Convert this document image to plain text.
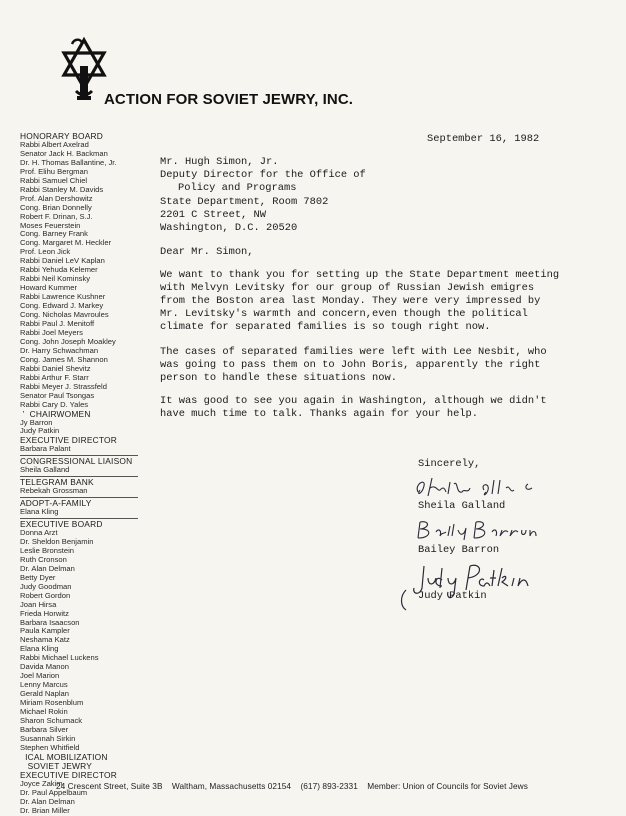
ACTION FOR SOVIET JEWRY, INC.
HONORARY BOARD
Rabbi Albert Axelrad
Senator Jack H. Backman
Dr. H. Thomas Ballantine, Jr.
Prof. Elihu Bergman
Rabbi Samuel Chiel
Rabbi Stanley M. Davids
Prof. Alan Dershowitz
Cong. Brian Donnelly
Robert F. Drinan, S.J.
Moses Feuerstein
Cong. Barney Frank
Cong. Margaret M. Heckler
Prof. Leon Jick
Rabbi Daniel LeV Kaplan
Rabbi Yehuda Kelemer
Rabbi Neil Kominsky
Howard Kummer
Rabbi Lawrence Kushner
Cong. Edward J. Markey
Cong. Nicholas Mavroules
Rabbi Paul J. Menitoff
Rabbi Joel Meyers
Cong. John Joseph Moakley
Dr. Harry Schwachman
Cong. James M. Shannon
Rabbi Daniel Shevitz
Rabbi Arthur F. Starr
Rabbi Meyer J. Strassfeld
Senator Paul Tsongas
Rabbi Cary D. Yales
’  CHAIRWOMEN
Jy Barron
Judy Patkin
EXECUTIVE DIRECTOR
Barbara Palant
CONGRESSIONAL LIAISON
Sheila Galland
TELEGRAM BANK
Rebekah Grossman
ADOPT-A-FAMILY
Elana Kling
EXECUTIVE BOARD
Donna Arzt
Dr. Sheldon Benjamin
Leslie Bronstein
Ruth Cronson
Dr. Alan Delman
Betty Dyer
Judy Goodman
Robert Gordon
Joan Hirsa
Frieda Horwitz
Barbara Isaacson
Paula Kampler
Neshama Katz
Elana Kling
Rabbi Michael Luckens
Davida Manon
Joel Marion
Lenny Marcus
Gerald Naplan
Miriam Rosenblum
Michael Rokin
Sharon Schumack
Barbara Silver
Susannah Sirkin
Stephen Whitfield
ICAL MOBILIZATION
SOVIET JEWRY
EXECUTIVE DIRECTOR
Joyce Zakim
Dr. Paul Appelbaum
Dr. Alan Delman
Dr. Brian Miller
September 16, 1982
Mr. Hugh Simon, Jr.
Deputy Director for the Office of
Policy and Programs
State Department, Room 7802
2201 C Street, NW
Washington, D.C. 20520
Dear Mr. Simon,
We want to thank you for setting up the State Department meeting
with Melvyn Levitsky for our group of Russian Jewish emigres
from the Boston area last Monday. They were very impressed by
Mr. Levitsky's warmth and concern,even though the political
climate for separated families is so tough right now.
The cases of separated families were left with Lee Nesbit, who
was going to pass them on to John Boris, apparently the right
person to handle these situations now.
It was good to see you again in Washington, although we didn't
have much time to talk. Thanks again for your help.
Sincerely,
Sheila Galland
Bailey Barron
Judy Patkin
24 Crescent Street, Suite 3B Waltham, Massachusetts 02154 (617) 893-2331 Member: Union of Councils for Soviet Jews
